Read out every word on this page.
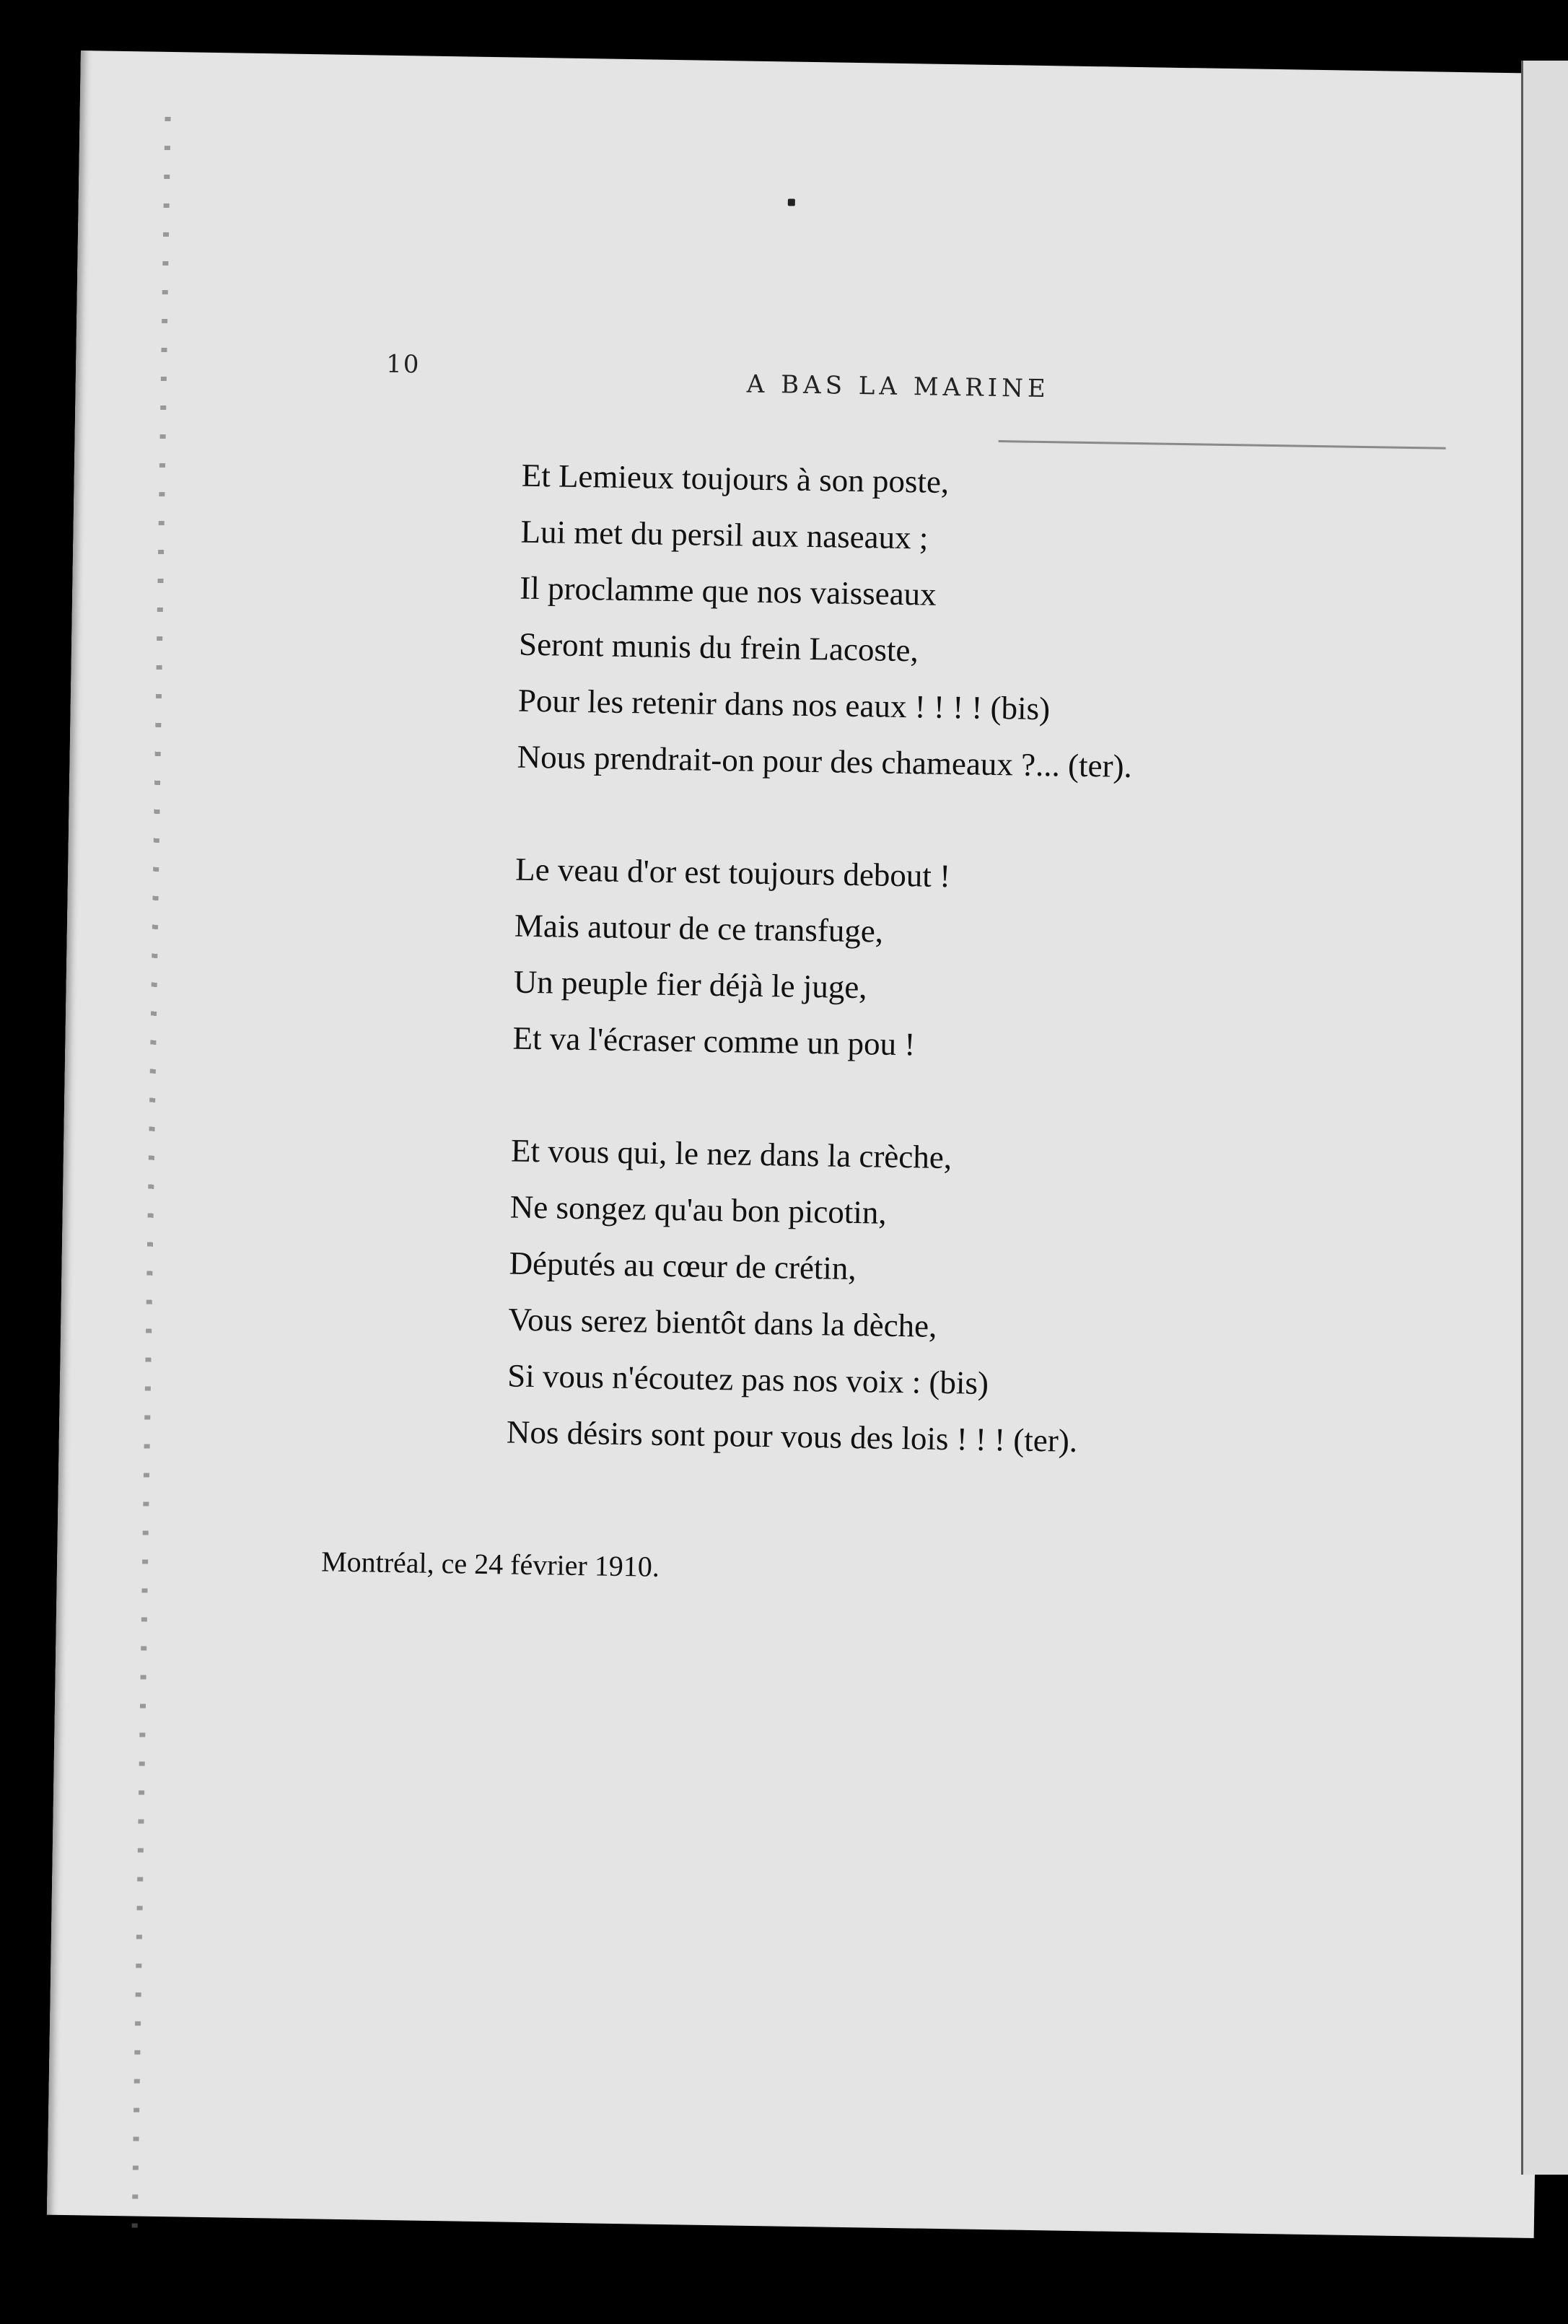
10
A BAS LA MARINE
Et Lemieux toujours à son poste,
Lui met du persil aux naseaux ;
Il proclamme que nos vaisseaux
Seront munis du frein Lacoste,
Pour les retenir dans nos eaux ! ! ! ! (bis)
Nous prendrait-on pour des chameaux ?... (ter).
Le veau d'or est toujours debout !
Mais autour de ce transfuge,
Un peuple fier déjà le juge,
Et va l'écraser comme un pou !
Et vous qui, le nez dans la crèche,
Ne songez qu'au bon picotin,
Députés au cœur de crétin,
Vous serez bientôt dans la dèche,
Si vous n'écoutez pas nos voix : (bis)
Nos désirs sont pour vous des lois ! ! ! (ter).
Montréal, ce 24 février 1910.
